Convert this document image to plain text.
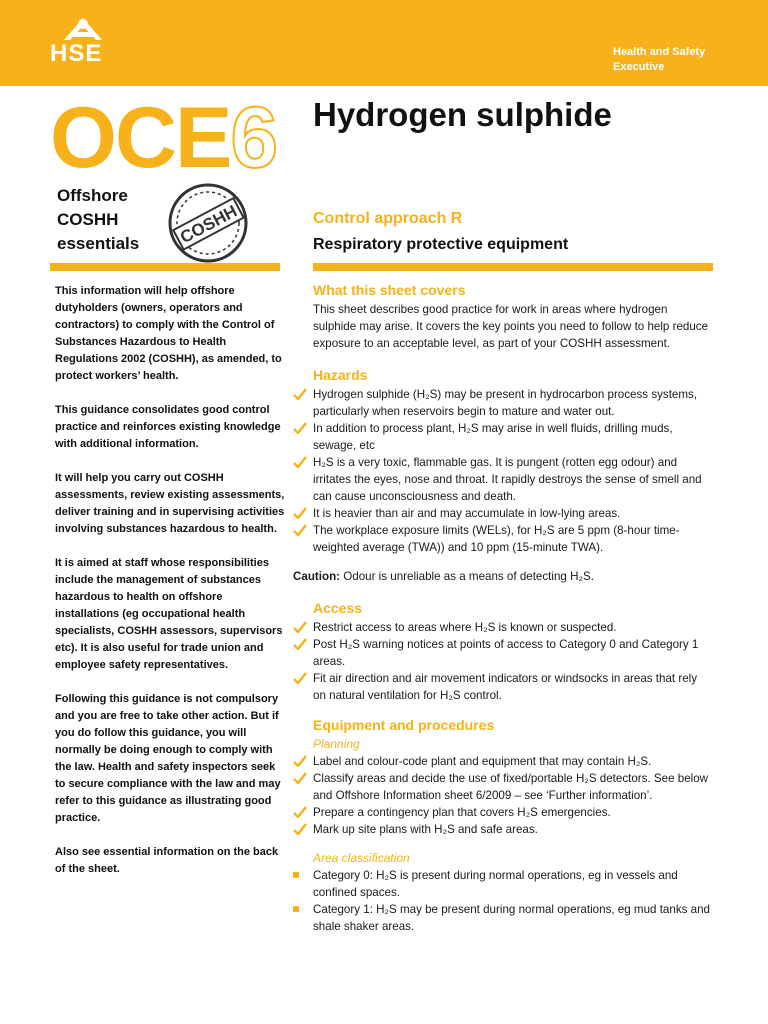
HSE	Health and Safety
Executive
OCE6 Hydrogen sulphide
Offshore
COSHH
essentials COSHH	Control approach R
Respiratory protective equipment

This information will help offshore dutyholders (owners, operators and contractors) to comply with the Control of Substances Hazardous to Health Regulations 2002 (COSHH), as amended, to protect workers’ health.

This guidance consolidates good control practice and reinforces existing knowledge with additional information.

It will help you carry out COSHH assessments, review existing assessments, deliver training and in supervising activities involving substances hazardous to health.

It is aimed at staff whose responsibilities include the management of substances hazardous to health on offshore installations (eg occupational health specialists, COSHH assessors, supervisors etc). It is also useful for trade union and employee safety representatives.

Following this guidance is not compulsory and you are free to take other action. But if you do follow this guidance, you will normally be doing enough to comply with the law. Health and safety inspectors seek to secure compliance with the law and may refer to this guidance as illustrating good practice.

Also see essential information on the back of the sheet.

What this sheet covers

This sheet describes good practice for work in areas where hydrogen sulphide may arise. It covers the key points you need to follow to help reduce exposure to an acceptable level, as part of your COSHH assessment.

Hazards
Hydrogen sulphide (H₂S) may be present in hydrocarbon process systems, particularly when reservoirs begin to mature and water out.
In addition to process plant, H₂S may arise in well fluids, drilling muds, sewage, etc
H₂S is a very toxic, flammable gas. It is pungent (rotten egg odour) and irritates the eyes, nose and throat. It rapidly destroys the sense of smell and can cause unconsciousness and death.
It is heavier than air and may accumulate in low-lying areas.
The workplace exposure limits (WELs), for H₂S are 5 ppm (8-hour time-weighted average (TWA)) and 10 ppm (15-minute TWA).

Caution: Odour is unreliable as a means of detecting H₂S.

Access
Restrict access to areas where H₂S is known or suspected.
Post H₂S warning notices at points of access to Category 0 and Category 1 areas.
Fit air direction and air movement indicators or windsocks in areas that rely on natural ventilation for H₂S control.
Equipment and procedures
Planning
Label and colour-code plant and equipment that may contain H₂S.
Classify areas and decide the use of fixed/portable H₂S detectors. See below and Offshore Information sheet 6/2009 – see ‘Further information’.
Prepare a contingency plan that covers H₂S emergencies.
Mark up site plans with H₂S and safe areas.
Area classification
Category 0: H₂S is present during normal operations, eg in vessels and confined spaces.
Category 1: H₂S may be present during normal operations, eg mud tanks and shale shaker areas.
